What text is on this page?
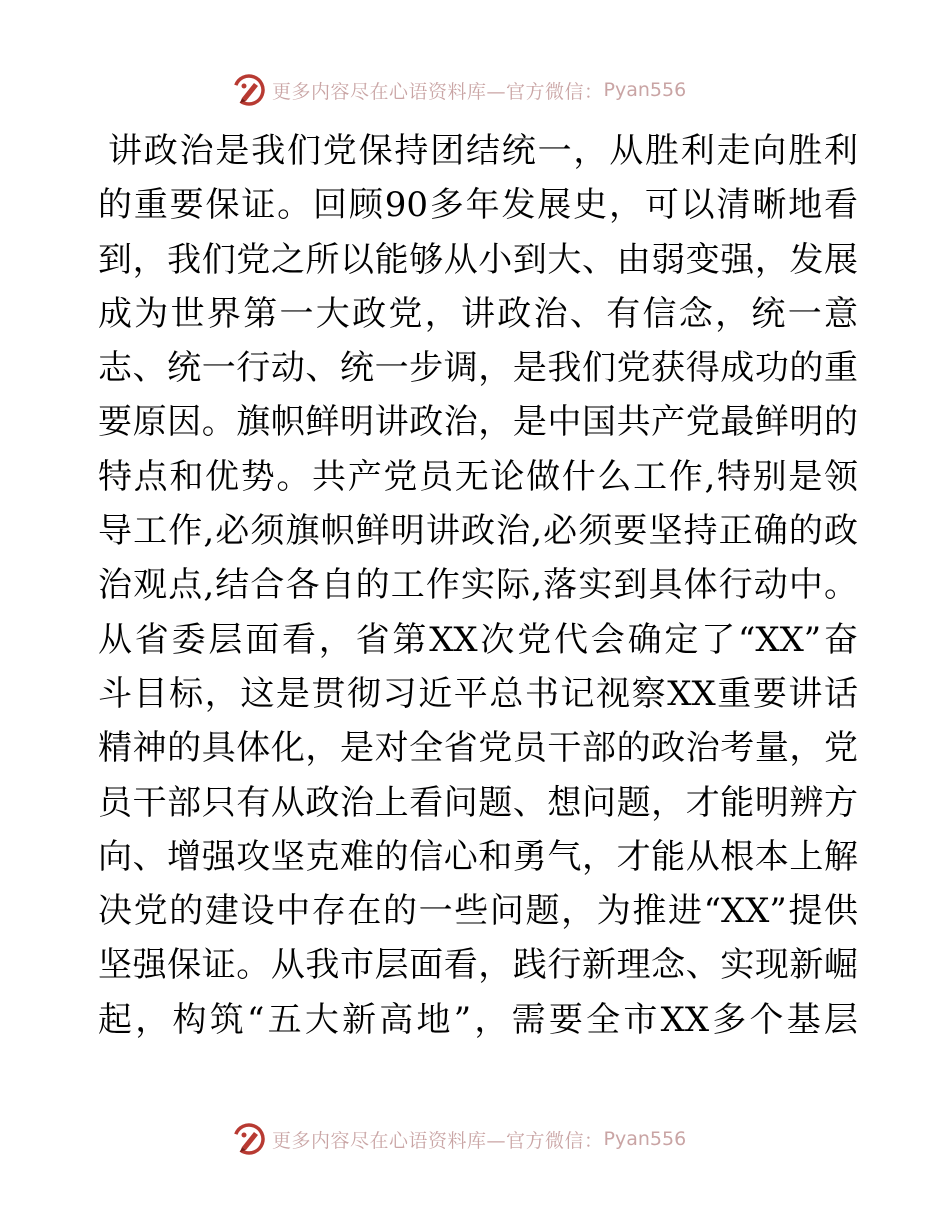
更多内容尽在心语资料库—官方微信： Pyan556
讲政治是我们党保持团结统一，从胜利走向胜利
的重要保证。回顾90多年发展史，可以清晰地看
到，我们党之所以能够从小到大、由弱变强，发展
成为世界第一大政党，讲政治、有信念，统一意
志、统一行动、统一步调，是我们党获得成功的重
要原因。旗帜鲜明讲政治，是中国共产党最鲜明的
特点和优势。共产党员无论做什么工作,特别是领
导工作,必须旗帜鲜明讲政治,必须要坚持正确的政
治观点,结合各自的工作实际,落实到具体行动中。
从省委层面看，省第XX次党代会确定了“XX”奋
斗目标，这是贯彻习近平总书记视察XX重要讲话
精神的具体化，是对全省党员干部的政治考量，党
员干部只有从政治上看问题、想问题，才能明辨方
向、增强攻坚克难的信心和勇气，才能从根本上解
决党的建设中存在的一些问题，为推进“XX”提供
坚强保证。从我市层面看，践行新理念、实现新崛
起，构筑“五大新高地”，需要全市XX多个基层
更多内容尽在心语资料库—官方微信： Pyan556
